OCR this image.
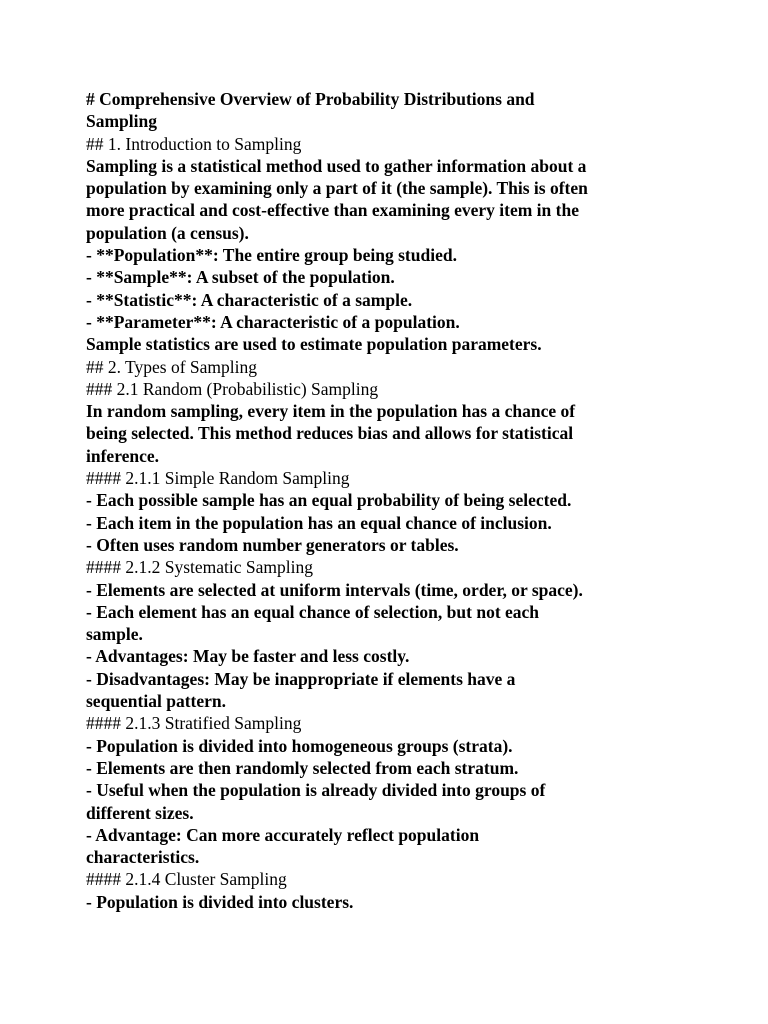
# Comprehensive Overview of Probability Distributions and
Sampling
## 1. Introduction to Sampling
Sampling is a statistical method used to gather information about a
population by examining only a part of it (the sample). This is often
more practical and cost-effective than examining every item in the
population (a census).
- **Population**: The entire group being studied.
- **Sample**: A subset of the population.
- **Statistic**: A characteristic of a sample.
- **Parameter**: A characteristic of a population.
Sample statistics are used to estimate population parameters.
## 2. Types of Sampling
### 2.1 Random (Probabilistic) Sampling
In random sampling, every item in the population has a chance of
being selected. This method reduces bias and allows for statistical
inference.
#### 2.1.1 Simple Random Sampling
- Each possible sample has an equal probability of being selected.
- Each item in the population has an equal chance of inclusion.
- Often uses random number generators or tables.
#### 2.1.2 Systematic Sampling
- Elements are selected at uniform intervals (time, order, or space).
- Each element has an equal chance of selection, but not each
sample.
- Advantages: May be faster and less costly.
- Disadvantages: May be inappropriate if elements have a
sequential pattern.
#### 2.1.3 Stratified Sampling
- Population is divided into homogeneous groups (strata).
- Elements are then randomly selected from each stratum.
- Useful when the population is already divided into groups of
different sizes.
- Advantage: Can more accurately reflect population
characteristics.
#### 2.1.4 Cluster Sampling
- Population is divided into clusters.
